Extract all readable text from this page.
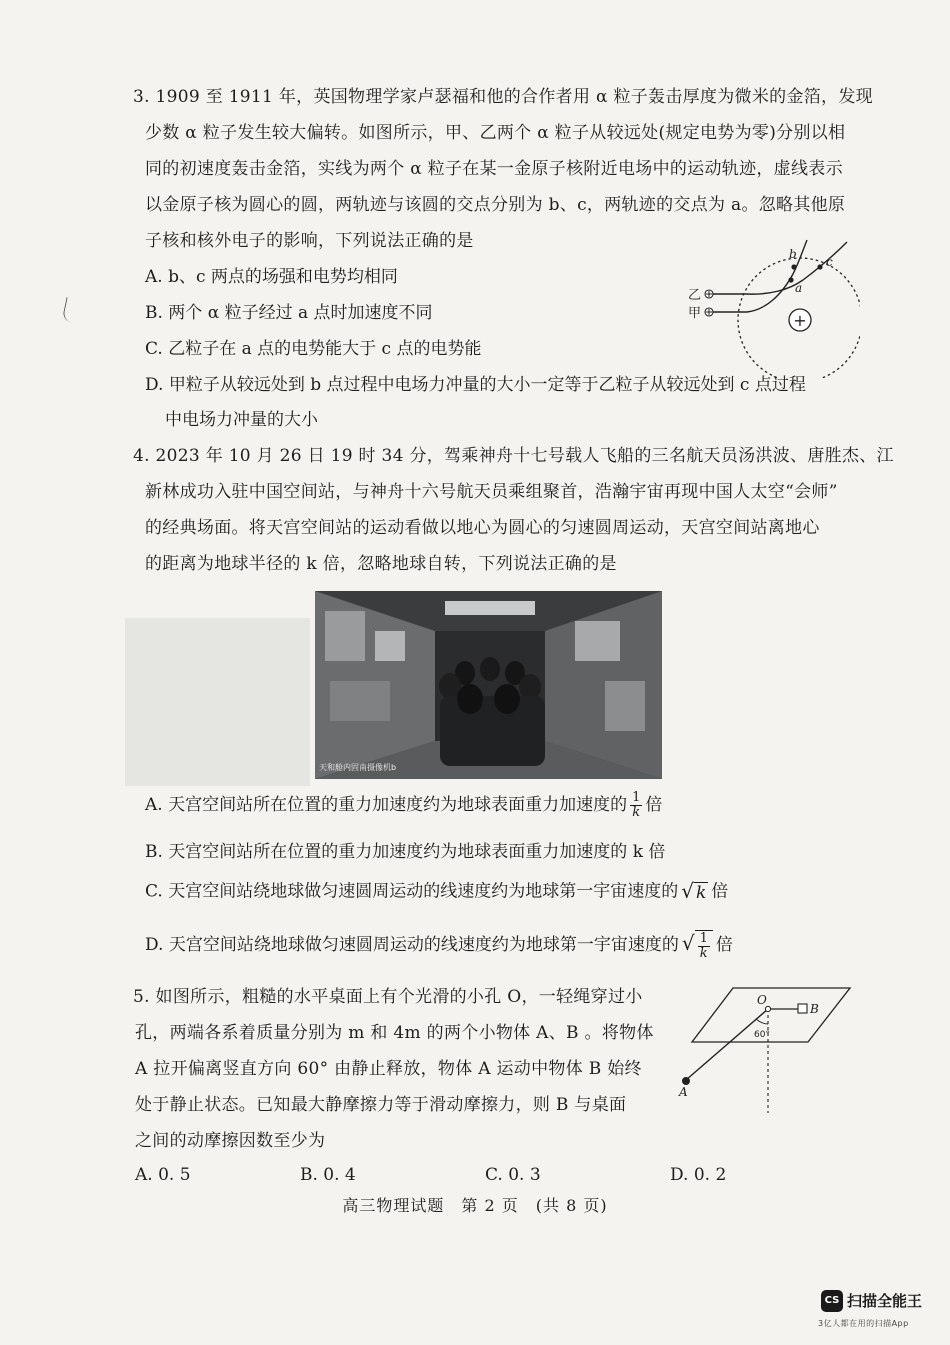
3. 1909 至 1911 年，英国物理学家卢瑟福和他的合作者用 α 粒子轰击厚度为微米的金箔，发现
少数 α 粒子发生较大偏转。如图所示，甲、乙两个 α 粒子从较远处(规定电势为零)分别以相
同的初速度轰击金箔，实线为两个 α 粒子在某一金原子核附近电场中的运动轨迹，虚线表示
以金原子核为圆心的圆，两轨迹与该圆的交点分别为 b、c，两轨迹的交点为 a。忽略其他原
子核和核外电子的影响，下列说法正确的是
A. b、c 两点的场强和电势均相同
B. 两个 α 粒子经过 a 点时加速度不同
C. 乙粒子在 a 点的电势能大于 c 点的电势能
D. 甲粒子从较远处到 b 点过程中电场力冲量的大小一定等于乙粒子从较远处到 c 点过程
中电场力冲量的大小
+
乙
甲
b
c
a
4. 2023 年 10 月 26 日 19 时 34 分，驾乘神舟十七号载人飞船的三名航天员汤洪波、唐胜杰、江
新林成功入驻中国空间站，与神舟十六号航天员乘组聚首，浩瀚宇宙再现中国人太空“会师”
的经典场面。将天宫空间站的运动看做以地心为圆心的匀速圆周运动，天宫空间站离地心
的距离为地球半径的 k 倍，忽略地球自转，下列说法正确的是
天和舱内固南摄像机b
A. 天宫空间站所在位置的重力加速度约为地球表面重力加速度的 $\frac{1}{k}$ 倍
B. 天宫空间站所在位置的重力加速度约为地球表面重力加速度的 k 倍
C. 天宫空间站绕地球做匀速圆周运动的线速度约为地球第一宇宙速度的 √ k 倍
D. 天宫空间站绕地球做匀速圆周运动的线速度约为地球第一宇宙速度的 √ $\frac{1}{k}$ 倍
5. 如图所示，粗糙的水平桌面上有个光滑的小孔 O，一轻绳穿过小
孔，两端各系着质量分别为 m 和 4m 的两个小物体 A、B 。将物体
A 拉开偏离竖直方向 60° 由静止释放，物体 A 运动中物体 B 始终
处于静止状态。已知最大静摩擦力等于滑动摩擦力，则 B 与桌面
之间的动摩擦因数至少为
A. 0. 5	B. 0. 4	C. 0. 3	D. 0. 2
O
B
A
60°
高三物理试题　第 2 页　(共 8 页)
CS 扫描全能王
3亿人都在用的扫描App
